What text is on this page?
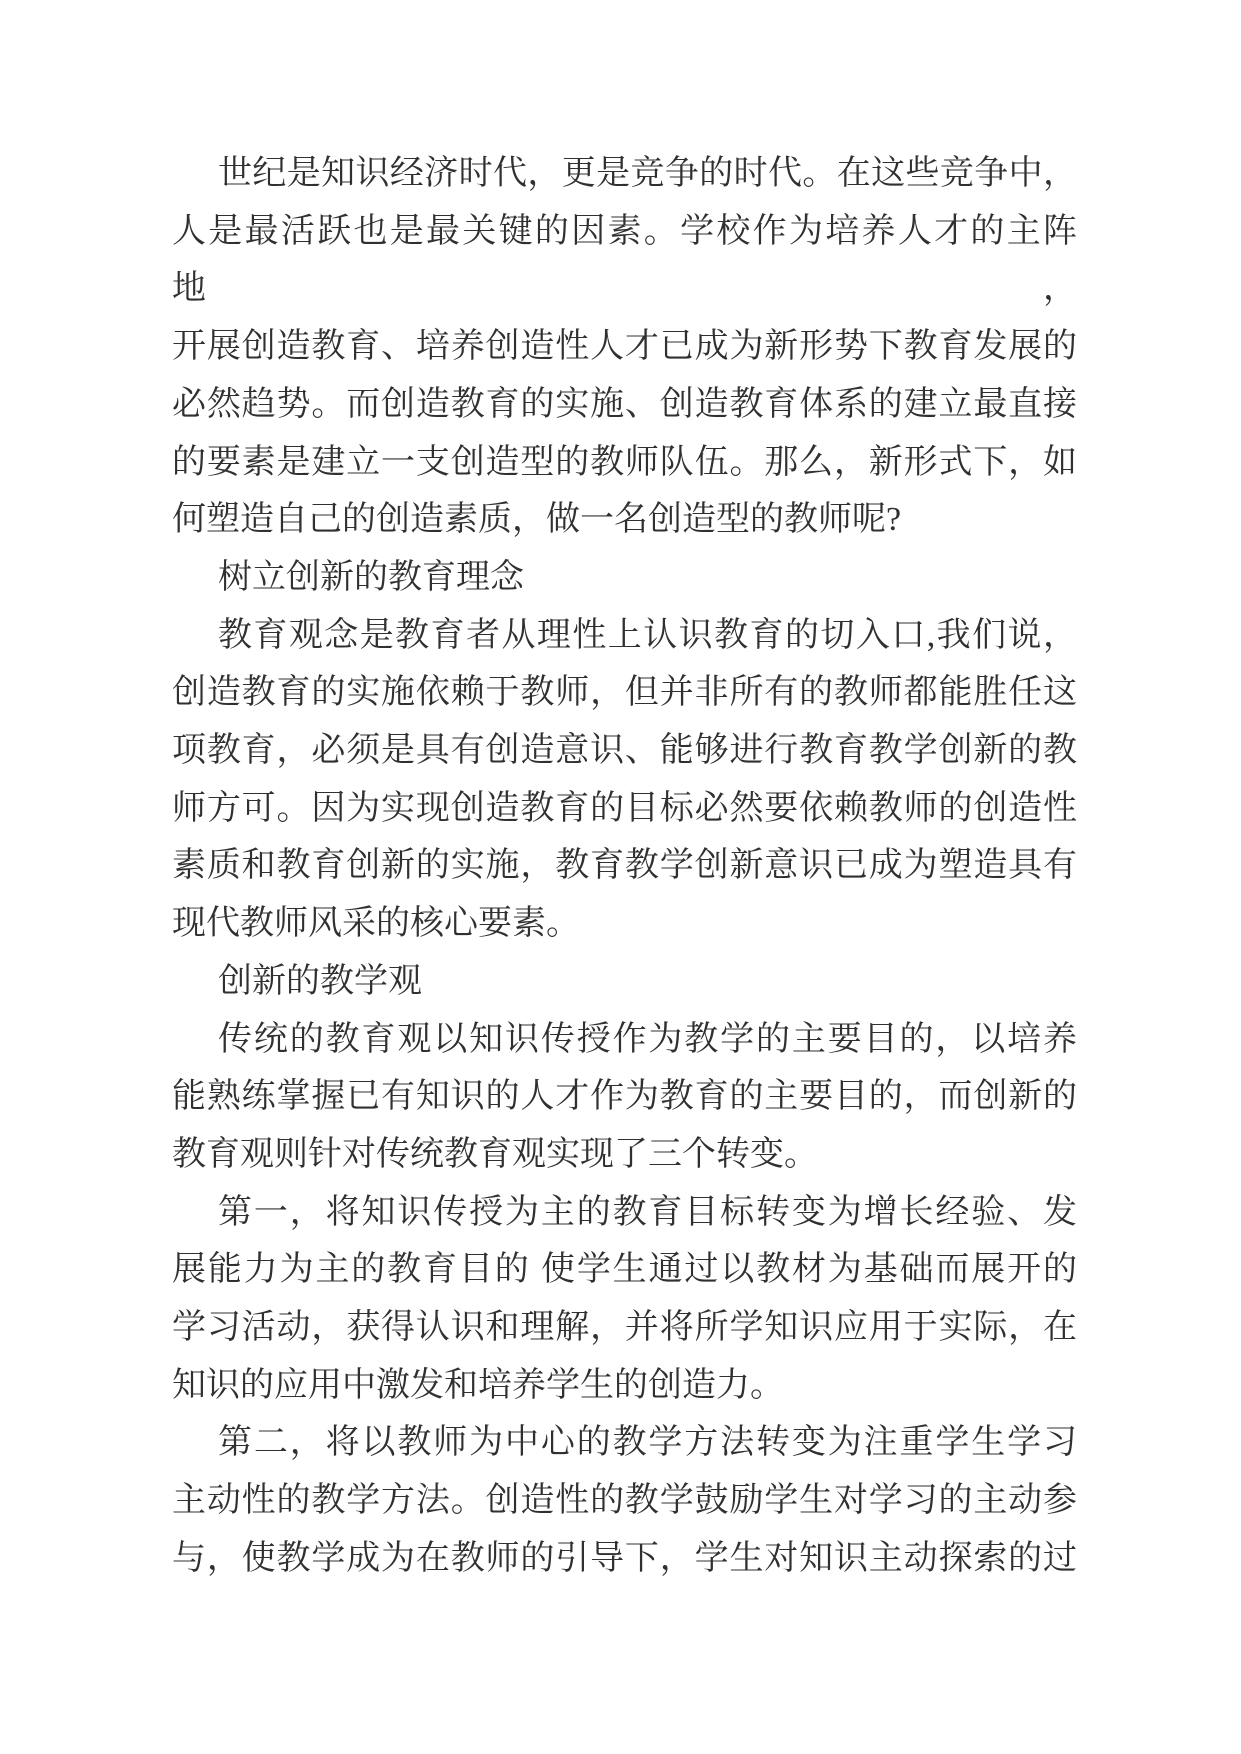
世纪是知识经济时代，更是竞争的时代。在这些竞争中，
人是最活跃也是最关键的因素。学校作为培养人才的主阵地，
开展创造教育、培养创造性人才已成为新形势下教育发展的
必然趋势。而创造教育的实施、创造教育体系的建立最直接
的要素是建立一支创造型的教师队伍。那么，新形式下，如
何塑造自己的创造素质，做一名创造型的教师呢?
树立创新的教育理念
教育观念是教育者从理性上认识教育的切入口,我们说，
创造教育的实施依赖于教师，但并非所有的教师都能胜任这
项教育，必须是具有创造意识、能够进行教育教学创新的教
师方可。因为实现创造教育的目标必然要依赖教师的创造性
素质和教育创新的实施，教育教学创新意识已成为塑造具有
现代教师风采的核心要素。
创新的教学观
传统的教育观以知识传授作为教学的主要目的，以培养
能熟练掌握已有知识的人才作为教育的主要目的，而创新的
教育观则针对传统教育观实现了三个转变。
第一，将知识传授为主的教育目标转变为增长经验、发
展能力为主的教育目的 使学生通过以教材为基础而展开的
学习活动，获得认识和理解，并将所学知识应用于实际，在
知识的应用中激发和培养学生的创造力。
第二，将以教师为中心的教学方法转变为注重学生学习
主动性的教学方法。创造性的教学鼓励学生对学习的主动参
与，使教学成为在教师的引导下，学生对知识主动探索的过
